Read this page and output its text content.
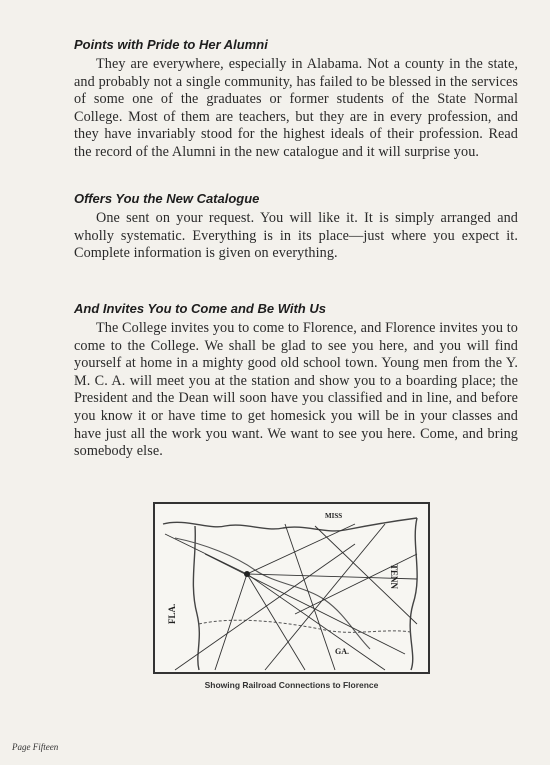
Points with Pride to Her Alumni

They are everywhere, especially in Alabama. Not a county in the state, and probably not a single community, has failed to be blessed in the services of some one of the graduates or former students of the State Normal College. Most of them are teachers, but they are in every profession, and they have invariably stood for the highest ideals of their profession. Read the record of the Alumni in the new catalogue and it will surprise you.

Offers You the New Catalogue

One sent on your request. You will like it. It is simply arranged and wholly systematic. Everything is in its place—just where you expect it. Complete information is given on everything.

And Invites You to Come and Be With Us

The College invites you to come to Florence, and Florence invites you to come to the College. We shall be glad to see you here, and you will find yourself at home in a mighty good old school town. Young men from the Y. M. C. A. will meet you at the station and show you to a boarding place; the President and the Dean will soon have you classified and in line, and before you know it or have time to get homesick you will be in your classes and have just all the work you want. We want to see you here. Come, and bring somebody else.

MISS
TENN
FLA.
GA.
Showing Railroad Connections to Florence
Page Fifteen
